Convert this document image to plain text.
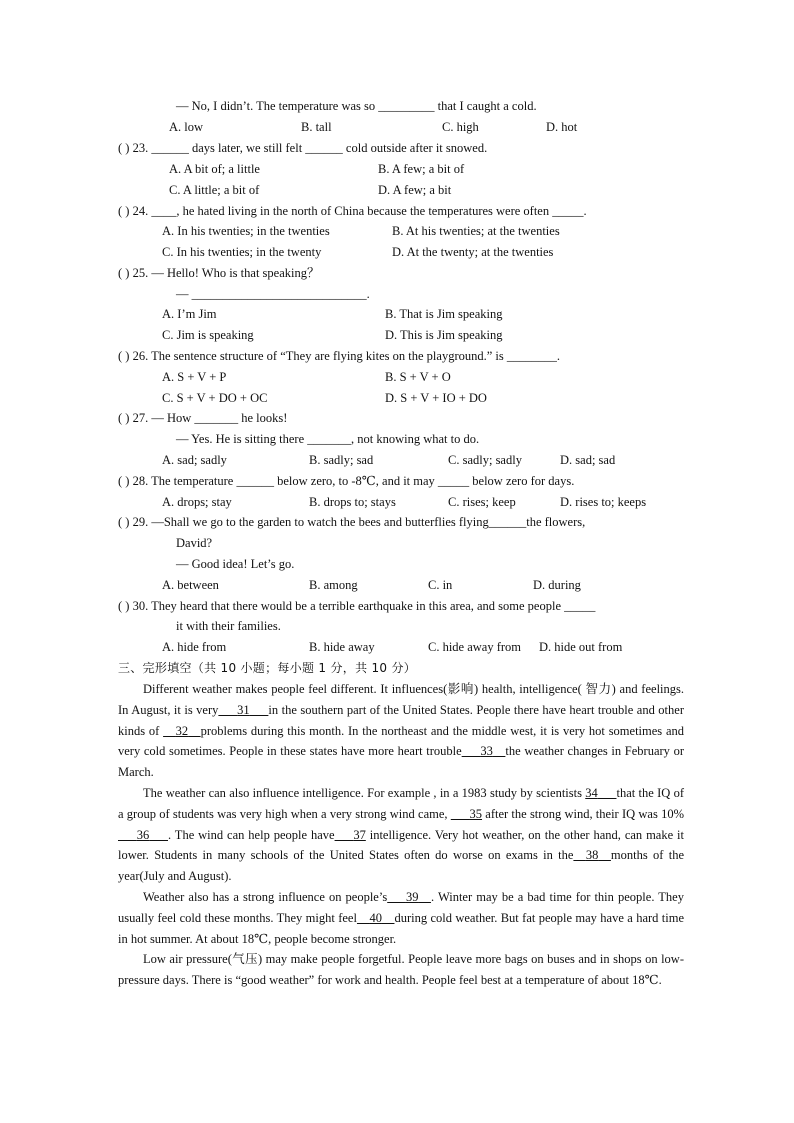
— No, I didn’t. The temperature was so _________ that I caught a cold.
A. low	B. tall	C. high	D. hot
( ) 23. ______ days later, we still felt ______ cold outside after it snowed.
A. A bit of; a little	B. A few; a bit of
C. A little; a bit of	D. A few; a bit
( ) 24. ____, he hated living in the north of China because the temperatures were often _____.
A. In his twenties; in the twenties	B. At his twenties; at the twenties
C. In his twenties; in the twenty	D. At the twenty; at the twenties
( ) 25. — Hello! Who is that speaking？
— ____________________________.
A. I’m Jim	B. That is Jim speaking
C. Jim is speaking	D. This is Jim speaking
( ) 26. The sentence structure of “They are flying kites on the playground.” is ________.
A. S + V + P	B. S + V + O
C. S + V + DO + OC	D. S + V + IO + DO
( ) 27. — How _______ he looks!
— Yes. He is sitting there _______, not knowing what to do.
A. sad; sadly	B. sadly; sad	C. sadly; sadly	D. sad; sad
( ) 28. The temperature ______ below zero, to -8℃, and it may _____ below zero for days.
A. drops; stay	B. drops to; stays	C. rises; keep	D. rises to; keeps
( ) 29. —Shall we go to the garden to watch the bees and butterflies flying______the flowers,
David?
— Good idea! Let’s go.
A. between	B. among	C. in	D. during
( ) 30. They heard that there would be a terrible earthquake in this area, and some people _____
it with their families.
A. hide from	B. hide away	C. hide away from D. hide out from
三、完形填空（共 10 小题；每小题 1 分，共 10 分）

Different weather makes people feel different. It influences(影响) health, intelligence( 智力) and feelings. In August, it is very   31   in the southern part of the United States. People there have heart trouble and other kinds of  32  problems during this month. In the northeast and the middle west, it is very hot sometimes and very cold sometimes. People in these states have more heart trouble   33  the weather changes in February or March.

The weather can also influence intelligence. For example , in a 1983 study by scientists 34   that the IQ of a group of students was very high when a very strong wind came,   35 after the strong wind, their IQ was 10%   36   . The wind can help people have   37 intelligence. Very hot weather, on the other hand, can make it lower. Students in many schools of the United States often do worse on exams in the  38  months of the year(July and August).

Weather also has a strong influence on people’s   39  . Winter may be a bad time for thin people. They usually feel cold these months. They might feel  40  during cold weather. But fat people may have a hard time in hot summer. At about 18℃, people become stronger.

Low air pressure(气压) may make people forgetful. People leave more bags on buses and in shops on low-pressure days. There is “good weather” for work and health. People feel best at a temperature of about 18℃.
